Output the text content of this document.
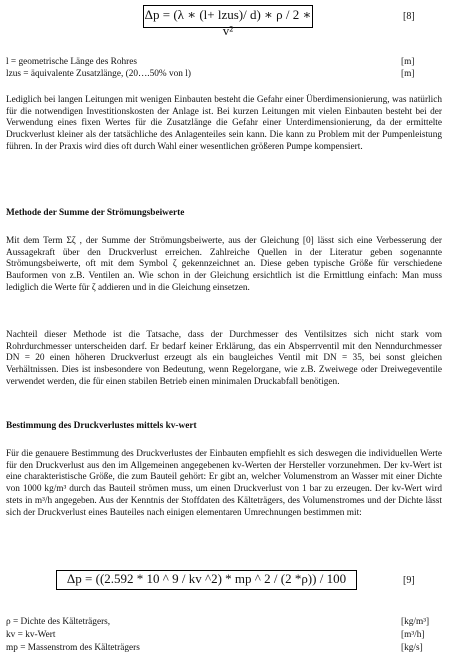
Δp = (λ ∗ (l+ lzus)/ d) ∗ ρ / 2 ∗ v²
[8]
l = geometrische Länge des Rohres	[m]
lzus = äquivalente Zusatzlänge, (20….50% von l)	[m]
Lediglich bei langen Leitungen mit wenigen Einbauten besteht die Gefahr einer Überdimensionierung, was natürlich für die notwendigen Investitionskosten der Anlage ist. Bei kurzen Leitungen mit vielen Einbauten besteht bei der Verwendung eines fixen Wertes für die Zusatzlänge die Gefahr einer Unterdimensionierung, da der ermittelte Druckverlust kleiner als der tatsächliche des Anlagenteiles sein kann. Die kann zu Problem mit der Pumpenleistung führen. In der Praxis wird dies oft durch Wahl einer wesentlichen größeren Pumpe kompensiert.
Methode der Summe der Strömungsbeiwerte
Mit dem Term Σζ , der Summe der Strömungsbeiwerte, aus der Gleichung [0] lässt sich eine Verbesserung der Aussagekraft über den Druckverlust erreichen. Zahlreiche Quellen in der Literatur geben sogenannte Strömungsbeiwerte, oft mit dem Symbol ζ gekennzeichnet an. Diese geben typische Größe für verschiedene Bauformen von z.B. Ventilen an. Wie schon in der Gleichung ersichtlich ist die Ermittlung einfach: Man muss lediglich die Werte für ζ addieren und in die Gleichung einsetzen.
Nachteil dieser Methode ist die Tatsache, dass der Durchmesser des Ventilsitzes sich nicht stark vom Rohrdurchmesser unterscheiden darf. Er bedarf keiner Erklärung, das ein Absperrventil mit den Nenndurchmesser DN = 20 einen höheren Druckverlust erzeugt als ein baugleiches Ventil mit DN = 35, bei sonst gleichen Verhältnissen. Dies ist insbesondere von Bedeutung, wenn Regelorgane, wie z.B. Zweiwege oder Dreiwegeventile verwendet werden, die für einen stabilen Betrieb einen minimalen Druckabfall benötigen.
Bestimmung des Druckverlustes mittels kv-wert
Für die genauere Bestimmung des Druckverlustes der Einbauten empfiehlt es sich deswegen die individuellen Werte für den Druckverlust aus den im Allgemeinen angegebenen kv-Werten der Hersteller vorzunehmen. Der kv-Wert ist eine charakteristische Größe, die zum Bauteil gehört: Er gibt an, welcher Volumenstrom an Wasser mit einer Dichte von 1000 kg/m³ durch das Bauteil strömen muss, um einen Druckverlust von 1 bar zu erzeugen. Der kv-Wert wird stets in m³/h angegeben. Aus der Kenntnis der Stoffdaten des Kälteträgers, des Volumenstromes und der Dichte lässt sich der Druckverlust eines Bauteiles nach einigen elementaren Umrechnungen bestimmen mit:
Δp = ((2.592 * 10 ^ 9 / kv ^2) * mp ^ 2 / (2 *ρ)) / 100	[9]
ρ = Dichte des Kälteträgers,	[kg/m³]
kv = kv-Wert	[m³/h]
mp = Massenstrom des Kälteträgers	[kg/s]
